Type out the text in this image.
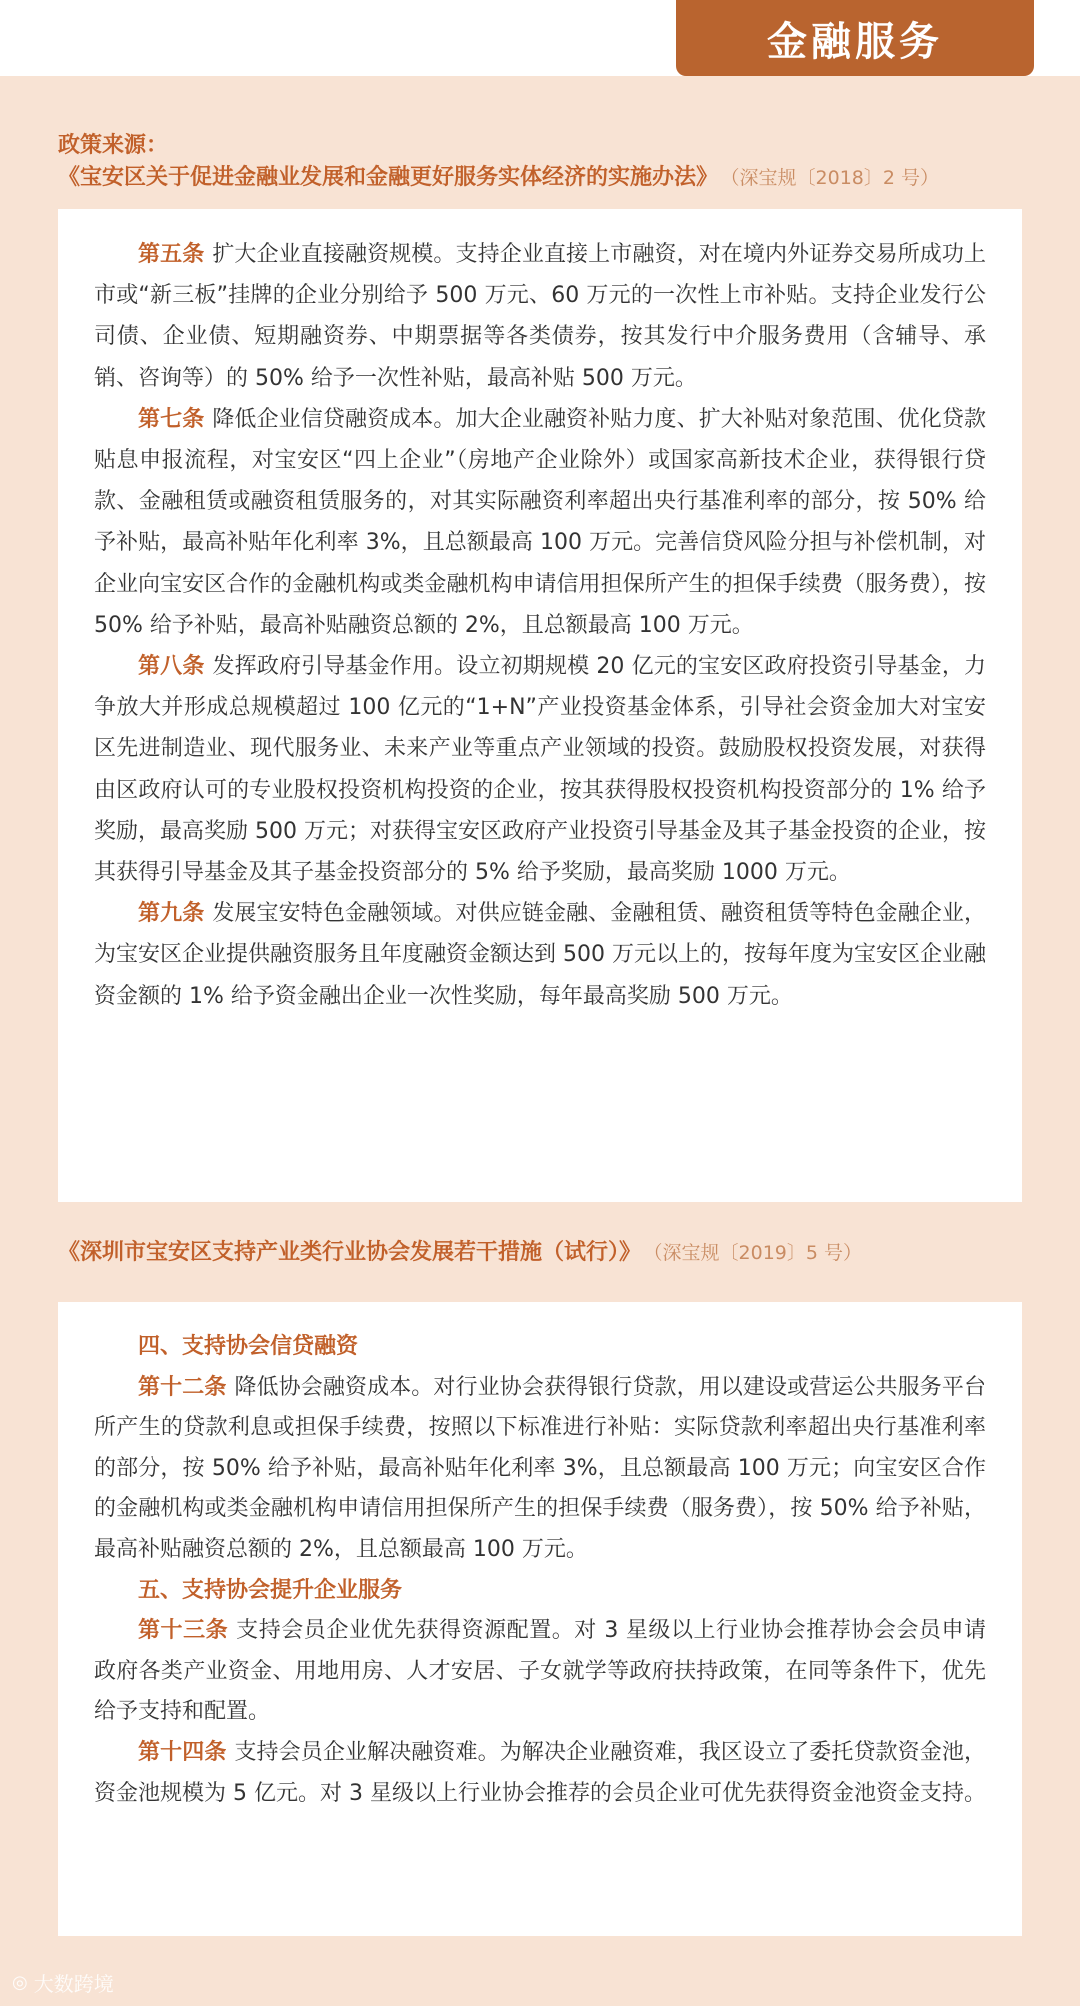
金融服务
政策来源：
《宝安区关于促进金融业发展和金融更好服务实体经济的实施办法》 （深宝规〔2018〕2 号）

第五条 扩大企业直接融资规模。支持企业直接上市融资，对在境内外证券交易所成功上市或“新三板”挂牌的企业分别给予 500 万元、60 万元的一次性上市补贴。支持企业发行公司债、企业债、短期融资券、中期票据等各类债券，按其发行中介服务费用（含辅导、承销、咨询等）的 50% 给予一次性补贴，最高补贴 500 万元。

第七条 降低企业信贷融资成本。加大企业融资补贴力度、扩大补贴对象范围、优化贷款贴息申报流程，对宝安区“四上企业”（房地产企业除外）或国家高新技术企业，获得银行贷款、金融租赁或融资租赁服务的，对其实际融资利率超出央行基准利率的部分，按 50% 给予补贴，最高补贴年化利率 3%，且总额最高 100 万元。完善信贷风险分担与补偿机制，对企业向宝安区合作的金融机构或类金融机构申请信用担保所产生的担保手续费（服务费），按 50% 给予补贴，最高补贴融资总额的 2%，且总额最高 100 万元。

第八条 发挥政府引导基金作用。设立初期规模 20 亿元的宝安区政府投资引导基金，力争放大并形成总规模超过 100 亿元的“1+N”产业投资基金体系，引导社会资金加大对宝安区先进制造业、现代服务业、未来产业等重点产业领域的投资。鼓励股权投资发展，对获得由区政府认可的专业股权投资机构投资的企业，按其获得股权投资机构投资部分的 1% 给予奖励，最高奖励 500 万元；对获得宝安区政府产业投资引导基金及其子基金投资的企业，按其获得引导基金及其子基金投资部分的 5% 给予奖励，最高奖励 1000 万元。

第九条 发展宝安特色金融领域。对供应链金融、金融租赁、融资租赁等特色金融企业，为宝安区企业提供融资服务且年度融资金额达到 500 万元以上的，按每年度为宝安区企业融资金额的 1% 给予资金融出企业一次性奖励，每年最高奖励 500 万元。

《深圳市宝安区支持产业类行业协会发展若干措施（试行）》 （深宝规〔2019〕5 号）

四、支持协会信贷融资

第十二条 降低协会融资成本。对行业协会获得银行贷款，用以建设或营运公共服务平台所产生的贷款利息或担保手续费，按照以下标准进行补贴：实际贷款利率超出央行基准利率的部分，按 50% 给予补贴，最高补贴年化利率 3%，且总额最高 100 万元；向宝安区合作的金融机构或类金融机构申请信用担保所产生的担保手续费（服务费），按 50% 给予补贴，最高补贴融资总额的 2%，且总额最高 100 万元。

五、支持协会提升企业服务

第十三条 支持会员企业优先获得资源配置。对 3 星级以上行业协会推荐协会会员申请政府各类产业资金、用地用房、人才安居、子女就学等政府扶持政策，在同等条件下，优先给予支持和配置。

第十四条 支持会员企业解决融资难。为解决企业融资难，我区设立了委托贷款资金池，资金池规模为 5 亿元。对 3 星级以上行业协会推荐的会员企业可优先获得资金池资金支持。

◎ 大数跨境
